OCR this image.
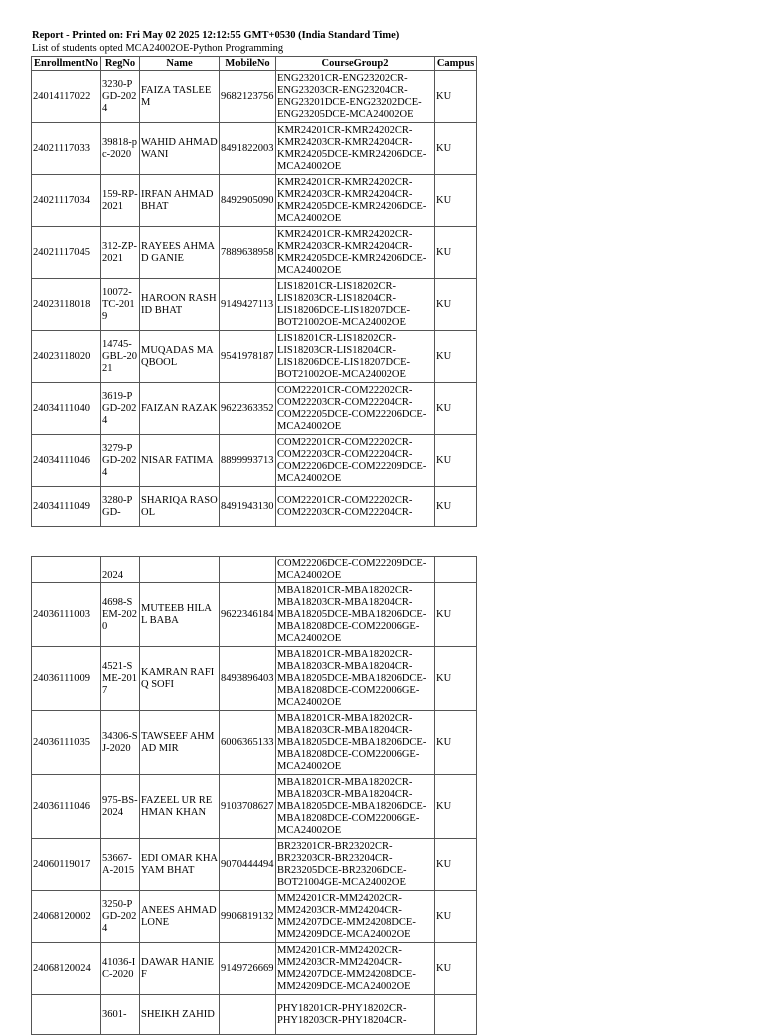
Report - Printed on: Fri May 02 2025 12:12:55 GMT+0530 (India Standard Time)
List of students opted MCA24002OE-Python Programming
EnrollmentNo	RegNo	Name	MobileNo	CourseGroup2	Campus
24014117022	3230-PGD-2024	FAIZA TASLEEM	9682123756	ENG23201CR-ENG23202CR-ENG23203CR-ENG23204CR-ENG23201DCE-ENG23202DCE-ENG23205DCE-MCA24002OE	KU
24021117033	39818-pc-2020	WAHID AHMAD WANI	8491822003	KMR24201CR-KMR24202CR-KMR24203CR-KMR24204CR-KMR24205DCE-KMR24206DCE-MCA24002OE	KU
24021117034	159-RP-2021	IRFAN AHMAD BHAT	8492905090	KMR24201CR-KMR24202CR-KMR24203CR-KMR24204CR-KMR24205DCE-KMR24206DCE-MCA24002OE	KU
24021117045	312-ZP-2021	RAYEES AHMAD GANIE	7889638958	KMR24201CR-KMR24202CR-KMR24203CR-KMR24204CR-KMR24205DCE-KMR24206DCE-MCA24002OE	KU
24023118018	10072-TC-2019	HAROON RASHID BHAT	9149427113	LIS18201CR-LIS18202CR-LIS18203CR-LIS18204CR-LIS18206DCE-LIS18207DCE-BOT21002OE-MCA24002OE	KU
24023118020	14745-GBL-2021	MUQADAS MAQBOOL	9541978187	LIS18201CR-LIS18202CR-LIS18203CR-LIS18204CR-LIS18206DCE-LIS18207DCE-BOT21002OE-MCA24002OE	KU
24034111040	3619-PGD-2024	FAIZAN RAZAK	9622363352	COM22201CR-COM22202CR-COM22203CR-COM22204CR-COM22205DCE-COM22206DCE-MCA24002OE	KU
24034111046	3279-PGD-2024	NISAR FATIMA	8899993713	COM22201CR-COM22202CR-COM22203CR-COM22204CR-COM22206DCE-COM22209DCE-MCA24002OE	KU
24034111049	3280-PGD-	SHARIQA RASOOL	8491943130	COM22201CR-COM22202CR-COM22203CR-COM22204CR-	KU
	2024			COM22206DCE-COM22209DCE-MCA24002OE	
24036111003	4698-SEM-2020	MUTEEB HILAL BABA	9622346184	MBA18201CR-MBA18202CR-MBA18203CR-MBA18204CR-MBA18205DCE-MBA18206DCE-MBA18208DCE-COM22006GE-MCA24002OE	KU
24036111009	4521-SME-2017	KAMRAN RAFIQ SOFI	8493896403	MBA18201CR-MBA18202CR-MBA18203CR-MBA18204CR-MBA18205DCE-MBA18206DCE-MBA18208DCE-COM22006GE-MCA24002OE	KU
24036111035	34306-SJ-2020	TAWSEEF AHMAD MIR	6006365133	MBA18201CR-MBA18202CR-MBA18203CR-MBA18204CR-MBA18205DCE-MBA18206DCE-MBA18208DCE-COM22006GE-MCA24002OE	KU
24036111046	975-BS-2024	FAZEEL UR REHMAN KHAN	9103708627	MBA18201CR-MBA18202CR-MBA18203CR-MBA18204CR-MBA18205DCE-MBA18206DCE-MBA18208DCE-COM22006GE-MCA24002OE	KU
24060119017	53667-A-2015	EDI OMAR KHAYAM BHAT	9070444494	BR23201CR-BR23202CR-BR23203CR-BR23204CR-BR23205DCE-BR23206DCE-BOT21004GE-MCA24002OE	KU
24068120002	3250-PGD-2024	ANEES AHMAD LONE	9906819132	MM24201CR-MM24202CR-MM24203CR-MM24204CR-MM24207DCE-MM24208DCE-MM24209DCE-MCA24002OE	KU
24068120024	41036-IC-2020	DAWAR HANIEF	9149726669	MM24201CR-MM24202CR-MM24203CR-MM24204CR-MM24207DCE-MM24208DCE-MM24209DCE-MCA24002OE	KU
	3601-	SHEIKH ZAHID		PHY18201CR-PHY18202CR-PHY18203CR-PHY18204CR-	
